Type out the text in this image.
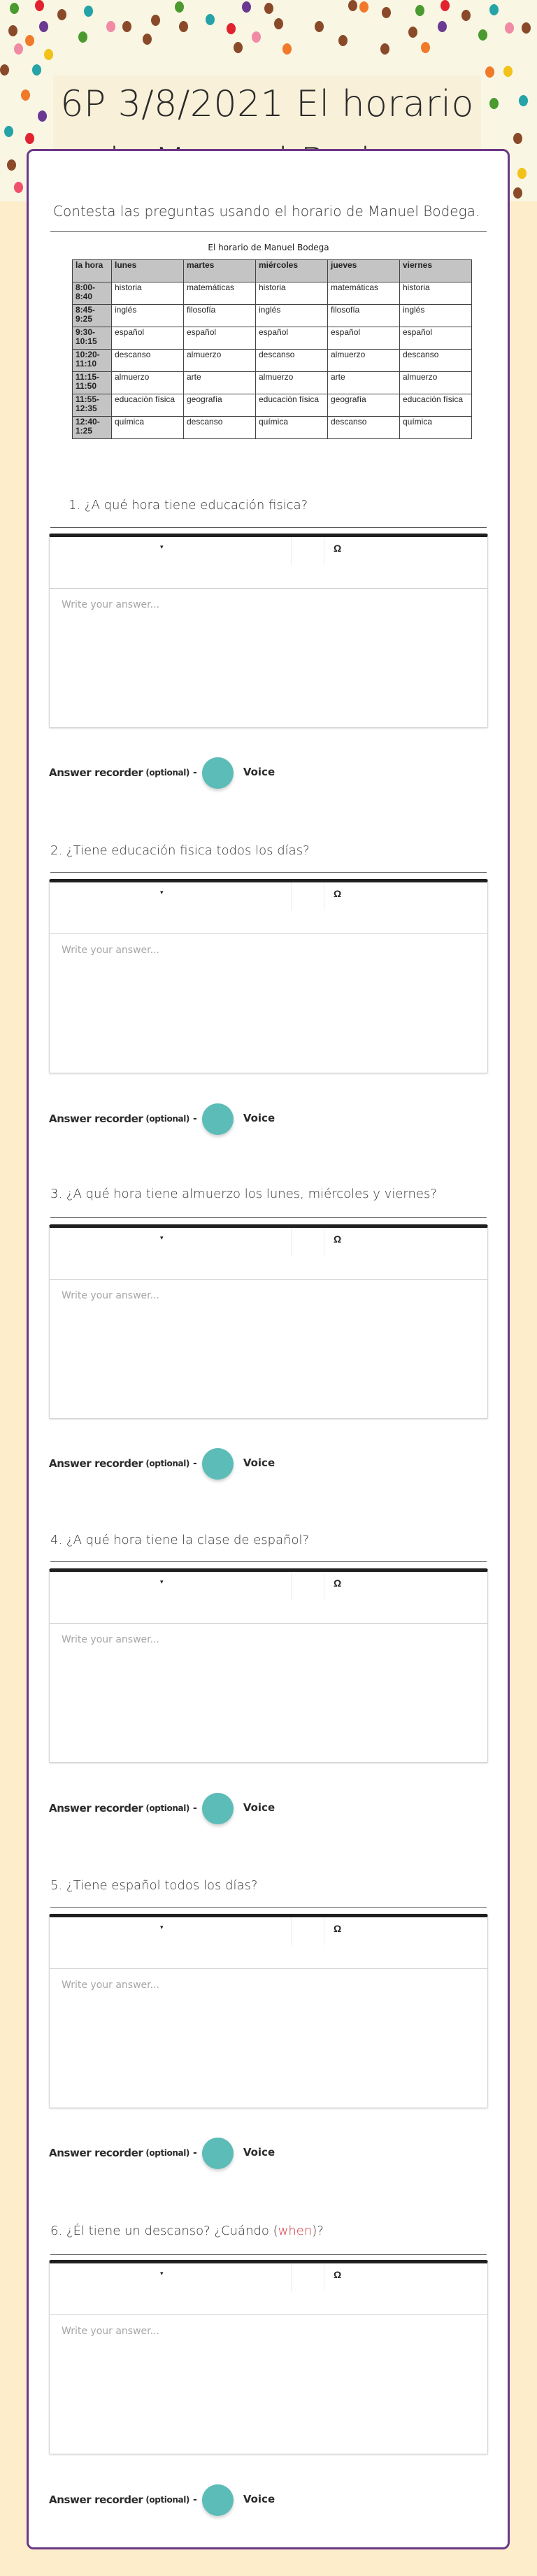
6P 3/8/2021 El horario

Contesta las preguntas usando el horario de Manuel Bodega.
El horario de Manuel Bodega
la hora	lunes	martes	miércoles	jueves	viernes
8:00-8:40	historia	matemáticas	historia	matemáticas	historia
8:45-9:25	inglés	filosofía	inglés	filosofía	inglés
9:30-10:15	español	español	español	español	español
10:20-11:10	descanso	almuerzo	descanso	almuerzo	descanso
11:15-11:50	almuerzo	arte	almuerzo	arte	almuerzo
11:55-12:35	educación física	geografía	educación física	geografía	educación física
12:40-1:25	química	descanso	química	descanso	química
1. ¿A qué hora tiene educación fisica?
▾	Ω
Write your answer...
Answer recorder (optional) -	Voice
2. ¿Tiene educación fisica todos los días?
▾	Ω
Write your answer...
Answer recorder (optional) -	Voice
3. ¿A qué hora tiene almuerzo los lunes, miércoles y viernes?
▾	Ω
Write your answer...
Answer recorder (optional) -	Voice
4. ¿A qué hora tiene la clase de español?
▾	Ω
Write your answer...
Answer recorder (optional) -	Voice
5. ¿Tiene español todos los días?
▾	Ω
Write your answer...
Answer recorder (optional) -	Voice
6. ¿Él tiene un descanso? ¿Cuándo (when)?
▾	Ω
Write your answer...
Answer recorder (optional) -	Voice
